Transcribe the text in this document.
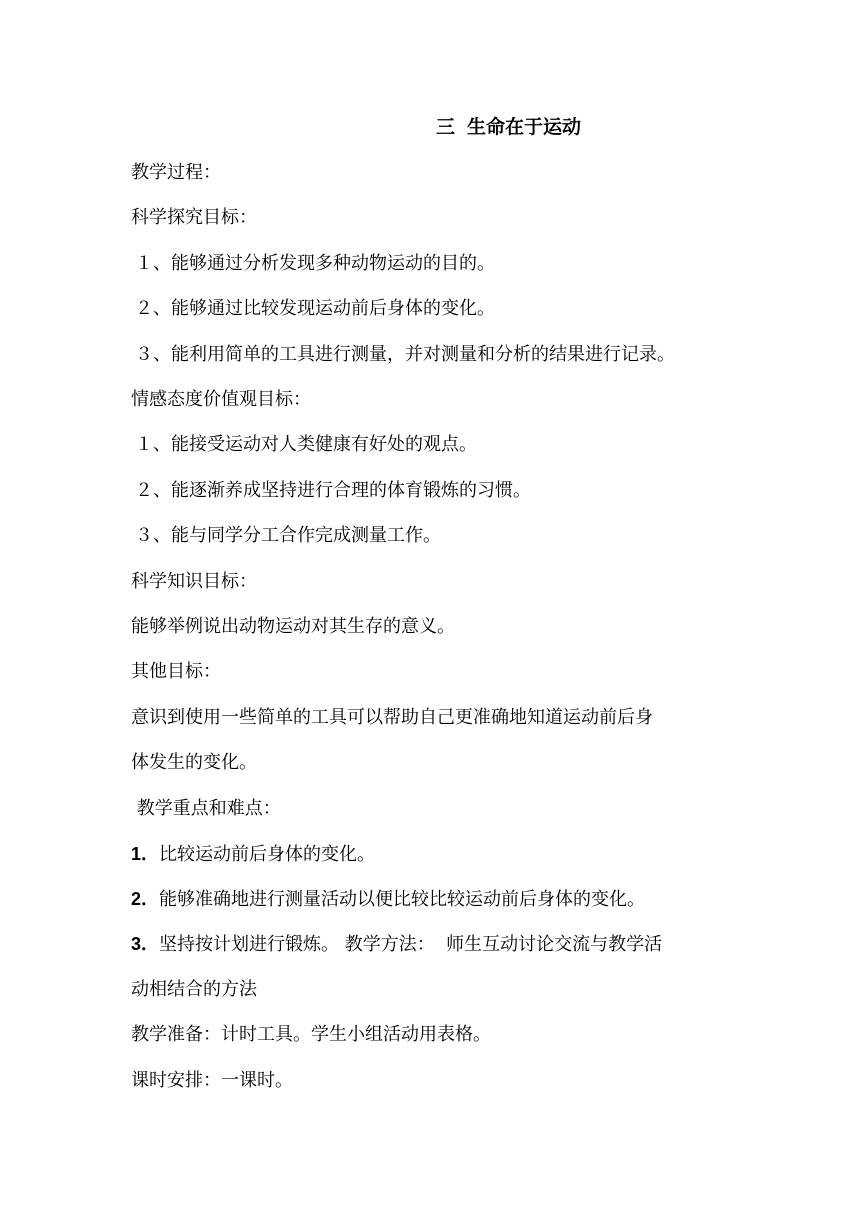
三 生命在于运动
教学过程：
科学探究目标：
１、能够通过分析发现多种动物运动的目的。
２、能够通过比较发现运动前后身体的变化。
３、能利用简单的工具进行测量，并对测量和分析的结果进行记录。
情感态度价值观目标：
１、能接受运动对人类健康有好处的观点。
２、能逐渐养成坚持进行合理的体育锻炼的习惯。
３、能与同学分工合作完成测量工作。
科学知识目标：
能够举例说出动物运动对其生存的意义。
其他目标：
意识到使用一些简单的工具可以帮助自己更准确地知道运动前后身
体发生的变化。
教学重点和难点：
1．比较运动前后身体的变化。
2．能够准确地进行测量活动以便比较比较运动前后身体的变化。
3．坚持按计划进行锻炼。 教学方法：  师生互动讨论交流与教学活
动相结合的方法
教学准备：计时工具。学生小组活动用表格。
课时安排：一课时。
